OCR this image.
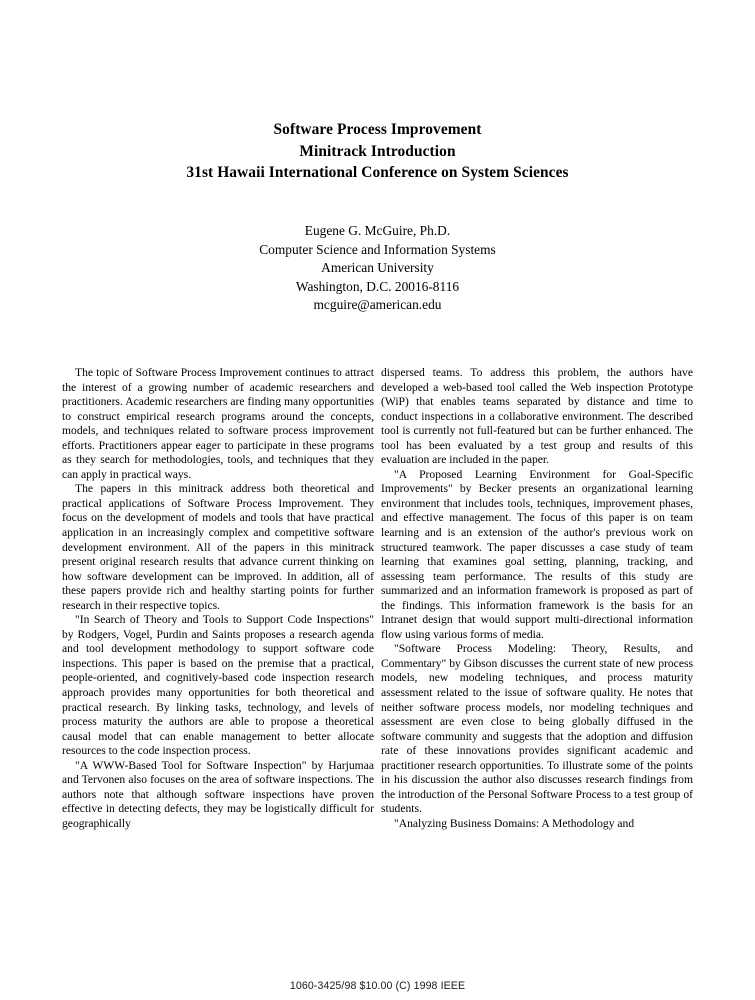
Software Process Improvement
Minitrack Introduction
31st Hawaii International Conference on System Sciences
Eugene G. McGuire, Ph.D.
Computer Science and Information Systems
American University
Washington, D.C. 20016-8116
mcguire@american.edu

The topic of Software Process Improvement continues to attract the interest of a growing number of academic researchers and practitioners. Academic researchers are finding many opportunities to construct empirical research programs around the concepts, models, and techniques related to software process improvement efforts. Practitioners appear eager to participate in these programs as they search for methodologies, tools, and techniques that they can apply in practical ways.

The papers in this minitrack address both theoretical and practical applications of Software Process Improvement. They focus on the development of models and tools that have practical application in an increasingly complex and competitive software development environment. All of the papers in this minitrack present original research results that advance current thinking on how software development can be improved. In addition, all of these papers provide rich and healthy starting points for further research in their respective topics.

"In Search of Theory and Tools to Support Code Inspections" by Rodgers, Vogel, Purdin and Saints proposes a research agenda and tool development methodology to support software code inspections. This paper is based on the premise that a practical, people-oriented, and cognitively-based code inspection research approach provides many opportunities for both theoretical and practical research. By linking tasks, technology, and levels of process maturity the authors are able to propose a theoretical causal model that can enable management to better allocate resources to the code inspection process.

"A WWW-Based Tool for Software Inspection" by Harjumaa and Tervonen also focuses on the area of software inspections. The authors note that although software inspections have proven effective in detecting defects, they may be logistically difficult for geographically

dispersed teams. To address this problem, the authors have developed a web-based tool called the Web inspection Prototype (WiP) that enables teams separated by distance and time to conduct inspections in a collaborative environment. The described tool is currently not full-featured but can be further enhanced. The tool has been evaluated by a test group and results of this evaluation are included in the paper.

"A Proposed Learning Environment for Goal-Specific Improvements" by Becker presents an organizational learning environment that includes tools, techniques, improvement phases, and effective management. The focus of this paper is on team learning and is an extension of the author's previous work on structured teamwork. The paper discusses a case study of team learning that examines goal setting, planning, tracking, and assessing team performance. The results of this study are summarized and an information framework is proposed as part of the findings. This information framework is the basis for an Intranet design that would support multi-directional information flow using various forms of media.

"Software Process Modeling: Theory, Results, and Commentary" by Gibson discusses the current state of new process models, new modeling techniques, and process maturity assessment related to the issue of software quality. He notes that neither software process models, nor modeling techniques and assessment are even close to being globally diffused in the software community and suggests that the adoption and diffusion rate of these innovations provides significant academic and practitioner research opportunities. To illustrate some of the points in his discussion the author also discusses research findings from the introduction of the Personal Software Process to a test group of students.

"Analyzing Business Domains: A Methodology and

1060-3425/98 $10.00 (C) 1998 IEEE
